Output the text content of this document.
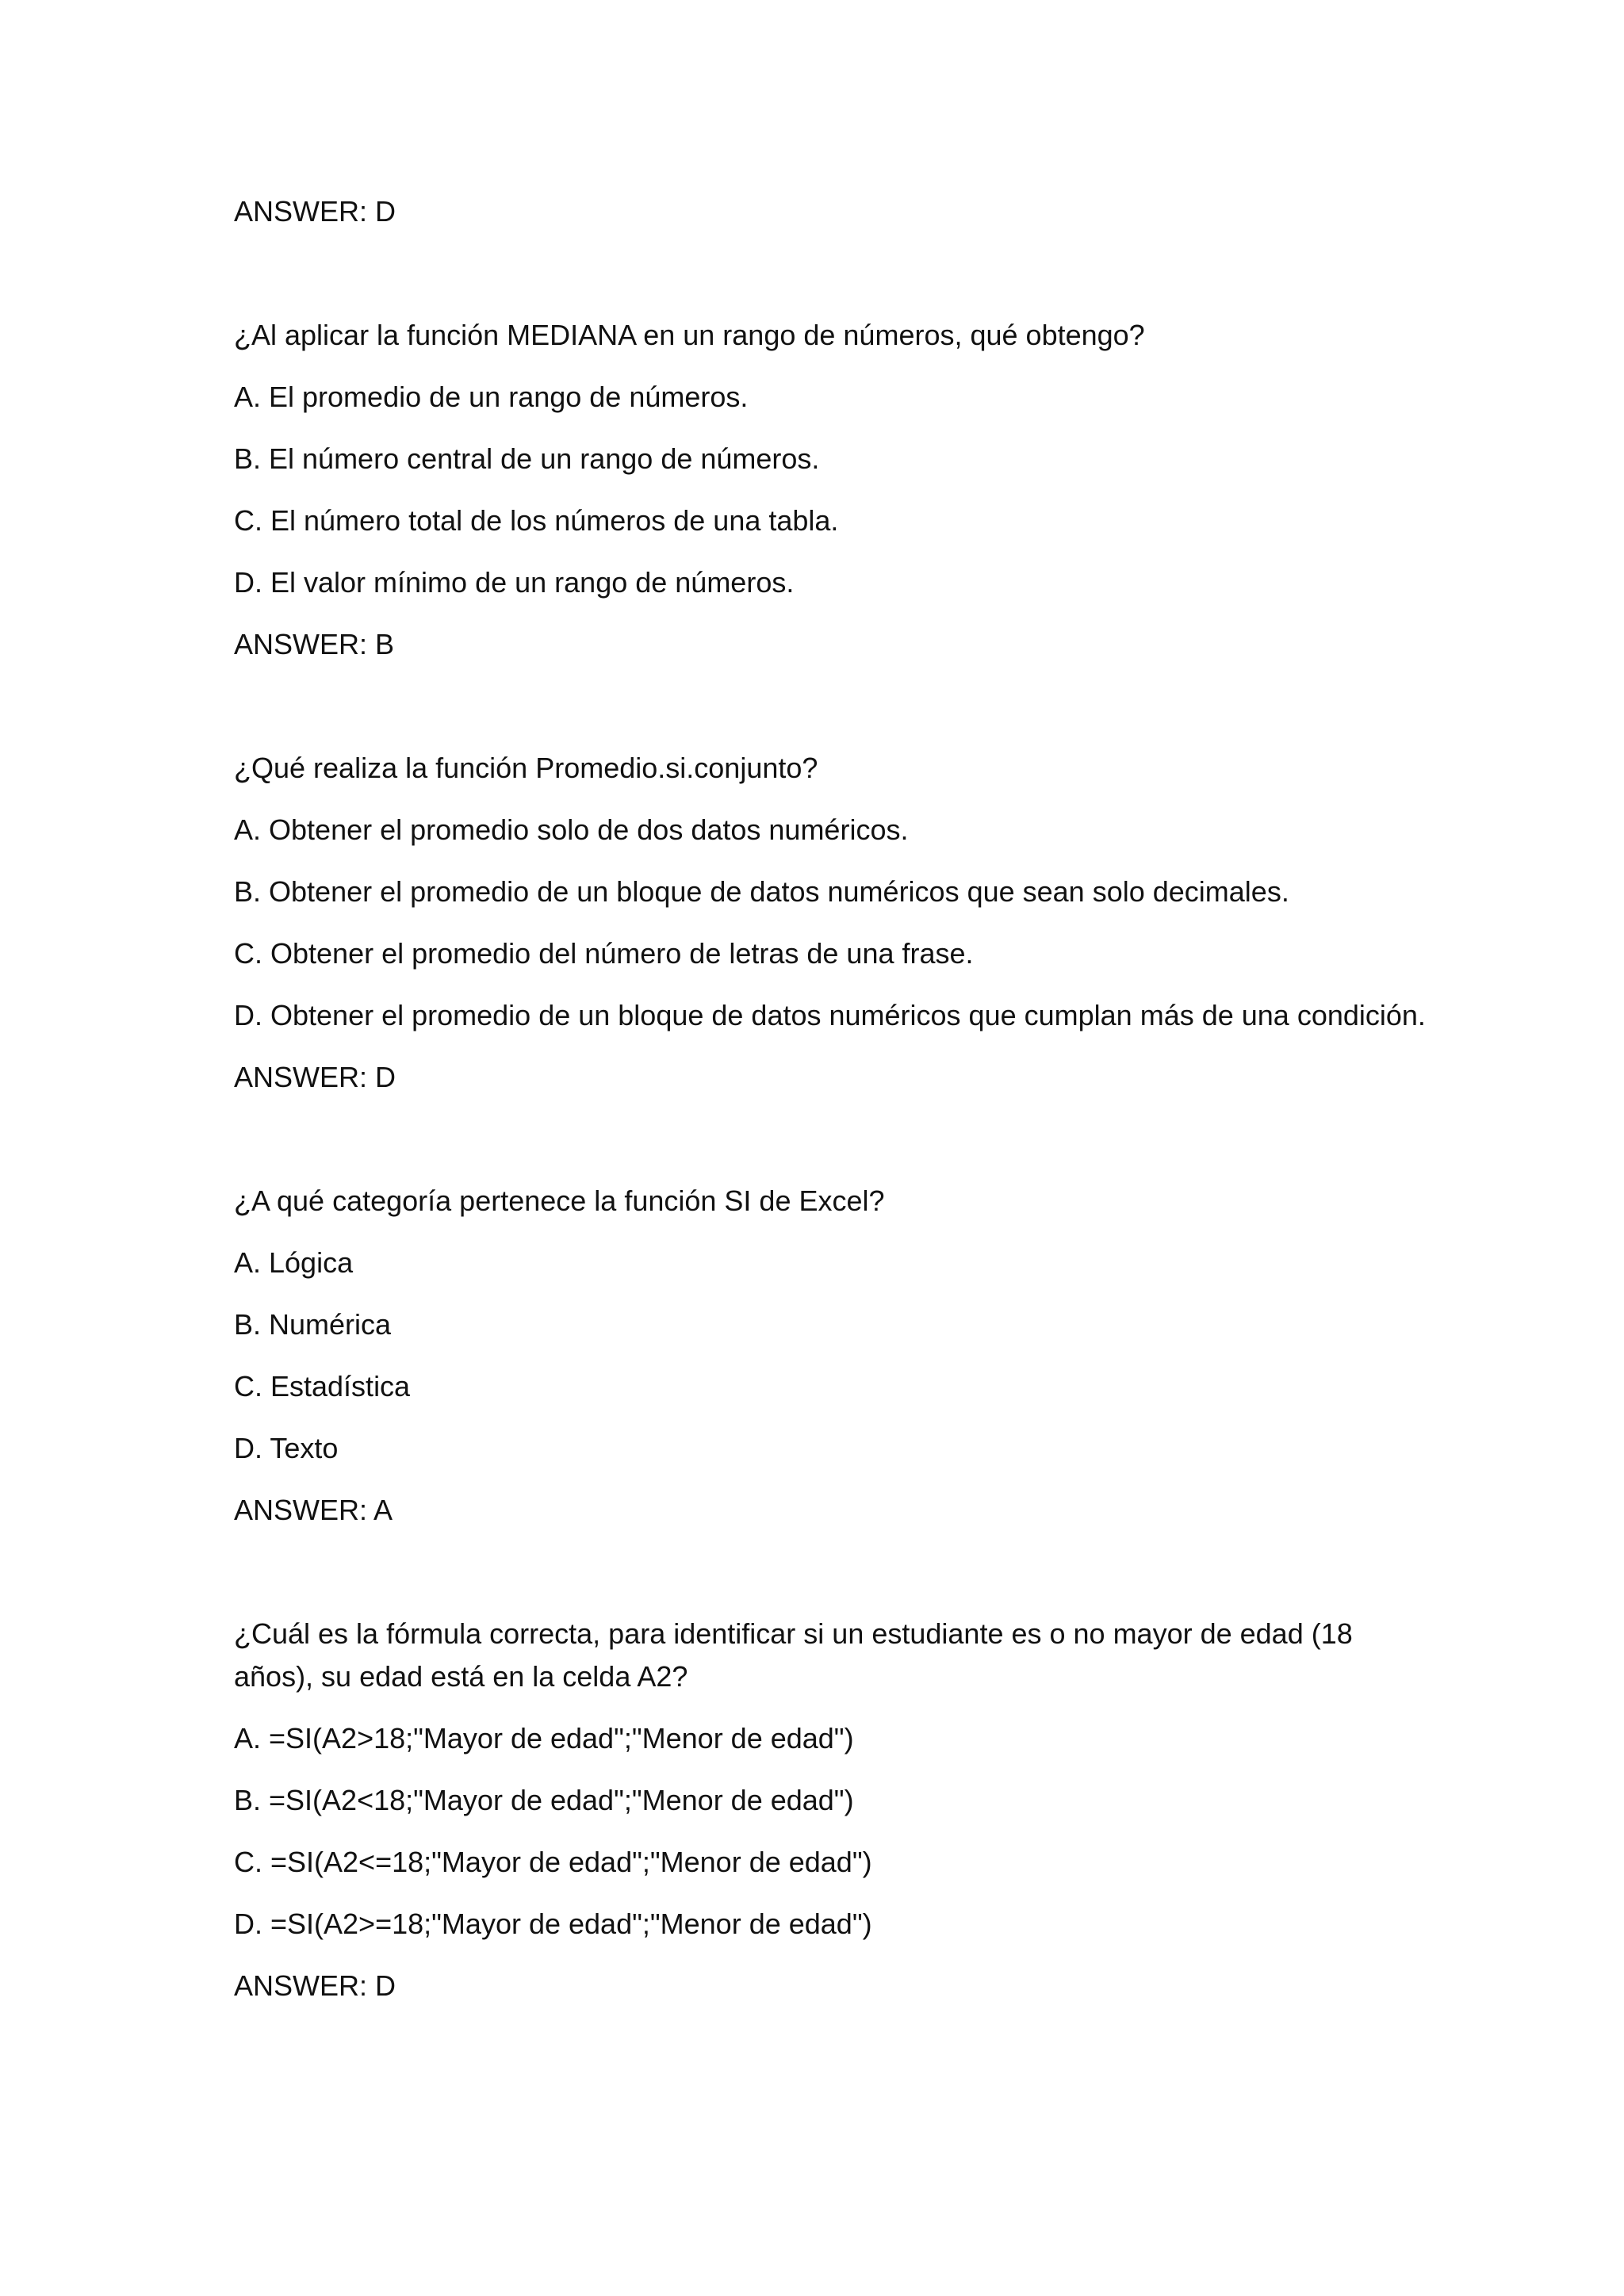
ANSWER: D
¿Al aplicar la función MEDIANA en un rango de números, qué obtengo?
A. El promedio de un rango de números.
B. El número central de un rango de números.
C. El número total de los números de una tabla.
D. El valor mínimo de un rango de números.
ANSWER: B
¿Qué realiza la función Promedio.si.conjunto?
A. Obtener el promedio solo de dos datos numéricos.
B. Obtener el promedio de un bloque de datos numéricos que sean solo decimales.
C. Obtener el promedio del número de letras de una frase.
D. Obtener el promedio de un bloque de datos numéricos que cumplan más de una condición.
ANSWER: D
¿A qué categoría pertenece la función SI de Excel?
A. Lógica
B. Numérica
C. Estadística
D. Texto
ANSWER: A
¿Cuál es la fórmula correcta, para identificar si un estudiante es o no mayor de edad (18 años), su edad está en la celda A2?
A. =SI(A2>18;"Mayor de edad";"Menor de edad")
B. =SI(A2<18;"Mayor de edad";"Menor de edad")
C. =SI(A2<=18;"Mayor de edad";"Menor de edad")
D. =SI(A2>=18;"Mayor de edad";"Menor de edad")
ANSWER: D
